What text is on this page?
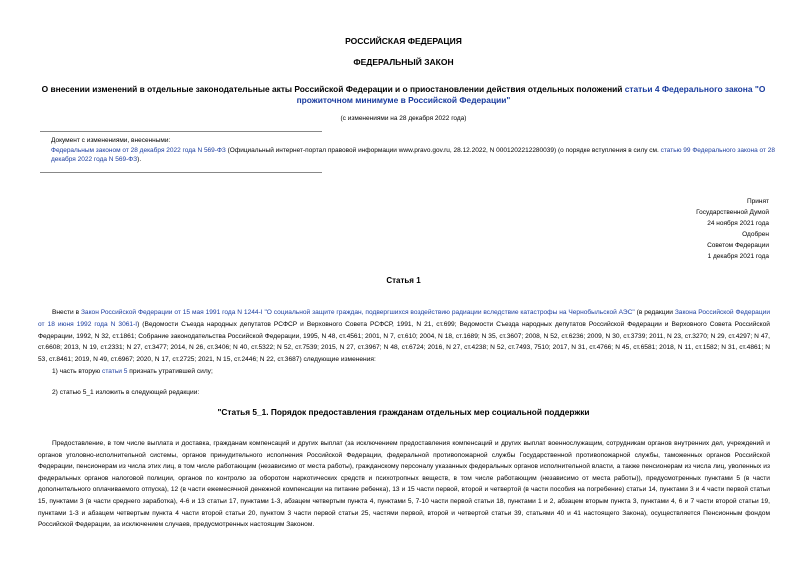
РОССИЙСКАЯ ФЕДЕРАЦИЯ
ФЕДЕРАЛЬНЫЙ ЗАКОН
О внесении изменений в отдельные законодательные акты Российской Федерации и о приостановлении действия отдельных положений статьи 4 Федерального закона "О прожиточном минимуме в Российской Федерации"
(с изменениями на 28 декабря 2022 года)
Документ с изменениями, внесенными:
Федеральным законом от 28 декабря 2022 года N 569-ФЗ (Официальный интернет-портал правовой информации www.pravo.gov.ru, 28.12.2022, N 0001202212280039) (о порядке вступления в силу см. статью 99 Федерального закона от 28 декабря 2022 года N 569-ФЗ).
Принят
Государственной Думой
24 ноября 2021 года
Одобрен
Советом Федерации
1 декабря 2021 года
Статья 1
Внести в Закон Российской Федерации от 15 мая 1991 года N 1244-I "О социальной защите граждан, подвергшихся воздействию радиации вследствие катастрофы на Чернобыльской АЭС" (в редакции Закона Российской Федерации от 18 июня 1992 года N 3061-I) (Ведомости Съезда народных депутатов РСФСР и Верховного Совета РСФСР, 1991, N 21, ст.699; Ведомости Съезда народных депутатов Российской Федерации и Верховного Совета Российской Федерации, 1992, N 32, ст.1861; Собрание законодательства Российской Федерации, 1995, N 48, ст.4561; 2001, N 7, ст.610; 2004, N 18, ст.1689; N 35, ст.3607; 2008, N 52, ст.6236; 2009, N 30, ст.3739; 2011, N 23, ст.3270; N 29, ст.4297; N 47, ст.6608; 2013, N 19, ст.2331; N 27, ст.3477; 2014, N 26, ст.3406; N 40, ст.5322; N 52, ст.7539; 2015, N 27, ст.3967; N 48, ст.6724; 2016, N 27, ст.4238; N 52, ст.7493, 7510; 2017, N 31, ст.4766; N 45, ст.6581; 2018, N 11, ст.1582; N 31, ст.4861; N 53, ст.8461; 2019, N 49, ст.6967; 2020, N 17, ст.2725; 2021, N 15, ст.2446; N 22, ст.3687) следующие изменения:
1) часть вторую статьи 5 признать утратившей силу;
2) статью 5_1 изложить в следующей редакции:
"Статья 5_1. Порядок предоставления гражданам отдельных мер социальной поддержки
Предоставление, в том числе выплата и доставка, гражданам компенсаций и других выплат (за исключением предоставления компенсаций и других выплат военнослужащим, сотрудникам органов внутренних дел, учреждений и органов уголовно-исполнительной системы, органов принудительного исполнения Российской Федерации, федеральной противопожарной службы Государственной противопожарной службы, таможенных органов Российской Федерации, пенсионерам из числа этих лиц, в том числе работающим (независимо от места работы), гражданскому персоналу указанных федеральных органов исполнительной власти, а также пенсионерам из числа лиц, уволенных из федеральных органов налоговой полиции, органов по контролю за оборотом наркотических средств и психотропных веществ, в том числе работающим (независимо от места работы)), предусмотренных пунктами 5 (в части дополнительного оплачиваемого отпуска), 12 (в части ежемесячной денежной компенсации на питание ребенка), 13 и 15 части первой, второй и четвертой (в части пособия на погребение) статьи 14, пунктами 3 и 4 части первой статьи 15, пунктами 3 (в части среднего заработка), 4-6 и 13 статьи 17, пунктами 1-3, абзацем четвертым пункта 4, пунктами 5, 7-10 части первой статьи 18, пунктами 1 и 2, абзацем вторым пункта 3, пунктами 4, 6 и 7 части второй статьи 19, пунктами 1-3 и абзацем четвертым пункта 4 части второй статьи 20, пунктом 3 части первой статьи 25, частями первой, второй и четвертой статьи 39, статьями 40 и 41 настоящего Закона), осуществляется Пенсионным фондом Российской Федерации, за исключением случаев, предусмотренных настоящим Законом.
